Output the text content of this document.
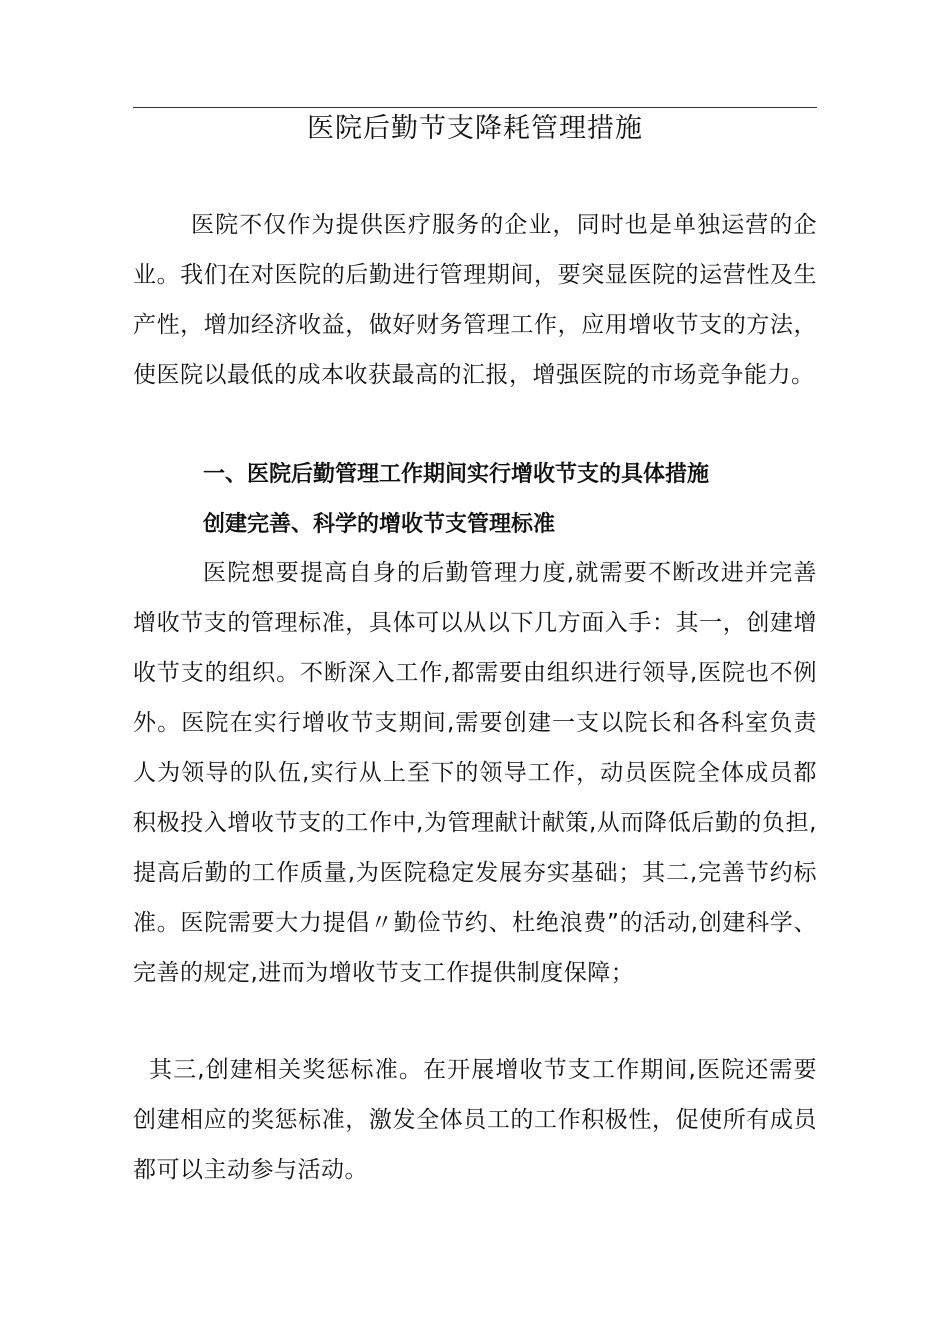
医院后勤节支降耗管理措施
医院不仅作为提供医疗服务的企业，同时也是单独运营的企业。我们在对医院的后勤进行管理期间，要突显医院的运营性及生产性，增加经济收益，做好财务管理工作，应用增收节支的方法，使医院以最低的成本收获最高的汇报，增强医院的市场竞争能力。
一、医院后勤管理工作期间实行增收节支的具体措施
创建完善、科学的增收节支管理标准
医院想要提高自身的后勤管理力度,就需要不断改进并完善增收节支的管理标准，具体可以从以下几方面入手：其一，创建增收节支的组织。不断深入工作,都需要由组织进行领导,医院也不例外。医院在实行增收节支期间,需要创建一支以院长和各科室负责人为领导的队伍,实行从上至下的领导工作，动员医院全体成员都积极投入增收节支的工作中,为管理献计献策,从而降低后勤的负担,提高后勤的工作质量,为医院稳定发展夯实基础；其二,完善节约标准。医院需要大力提倡〃勤俭节约、杜绝浪费”的活动,创建科学、完善的规定,进而为增收节支工作提供制度保障；
其三,创建相关奖惩标准。在开展增收节支工作期间,医院还需要创建相应的奖惩标准，激发全体员工的工作积极性，促使所有成员都可以主动参与活动。
